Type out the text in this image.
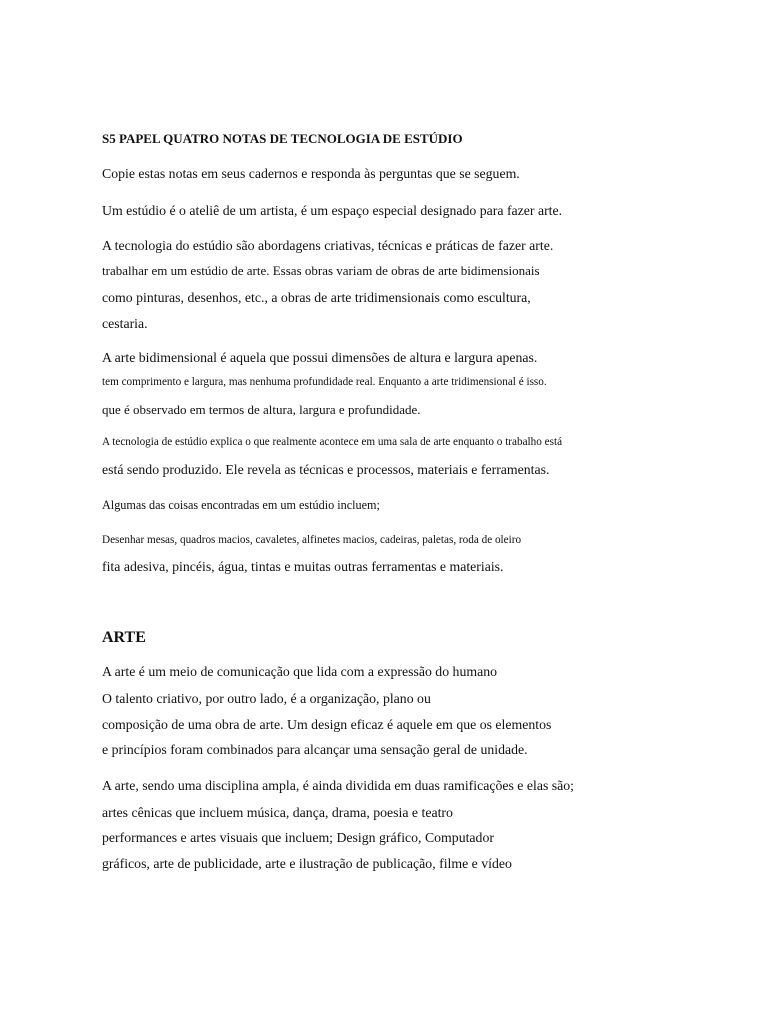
S5 PAPEL QUATRO NOTAS DE TECNOLOGIA DE ESTÚDIO
Copie estas notas em seus cadernos e responda às perguntas que se seguem.
Um estúdio é o ateliê de um artista, é um espaço especial designado para fazer arte.
A tecnologia do estúdio são abordagens criativas, técnicas e práticas de fazer arte.
trabalhar em um estúdio de arte. Essas obras variam de obras de arte bidimensionais
como pinturas, desenhos, etc., a obras de arte tridimensionais como escultura,
cestaria.
A arte bidimensional é aquela que possui dimensões de altura e largura apenas.
tem comprimento e largura, mas nenhuma profundidade real. Enquanto a arte tridimensional é isso.
que é observado em termos de altura, largura e profundidade.
A tecnologia de estúdio explica o que realmente acontece em uma sala de arte enquanto o trabalho está
está sendo produzido. Ele revela as técnicas e processos, materiais e ferramentas.
Algumas das coisas encontradas em um estúdio incluem;
Desenhar mesas, quadros macios, cavaletes, alfinetes macios, cadeiras, paletas, roda de oleiro
fita adesiva, pincéis, água, tintas e muitas outras ferramentas e materiais.
ARTE
A arte é um meio de comunicação que lida com a expressão do humano
O talento criativo, por outro lado, é a organização, plano ou
composição de uma obra de arte. Um design eficaz é aquele em que os elementos
e princípios foram combinados para alcançar uma sensação geral de unidade.
A arte, sendo uma disciplina ampla, é ainda dividida em duas ramificações e elas são;
artes cênicas que incluem música, dança, drama, poesia e teatro
performances e artes visuais que incluem; Design gráfico, Computador
gráficos, arte de publicidade, arte e ilustração de publicação, filme e vídeo
